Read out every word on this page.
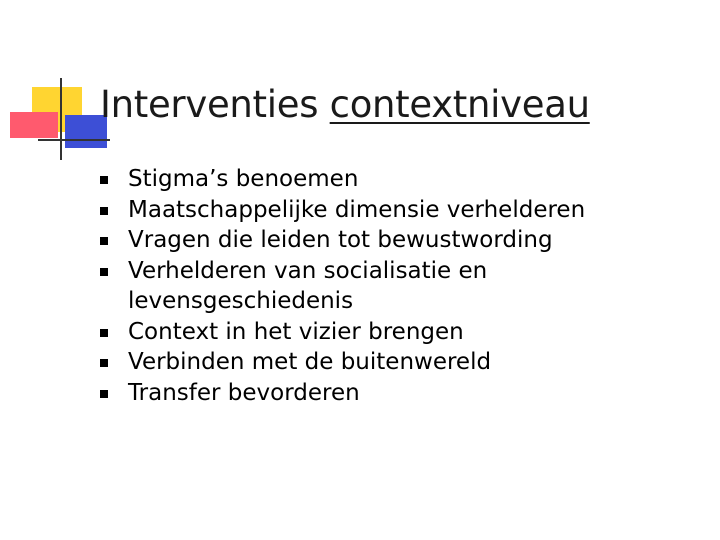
Interventies contextniveau
Stigma’s benoemen
Maatschappelijke dimensie verhelderen
Vragen die leiden tot bewustwording
Verhelderen van socialisatie en levensgeschiedenis
Context in het vizier brengen
Verbinden met de buitenwereld
Transfer bevorderen
